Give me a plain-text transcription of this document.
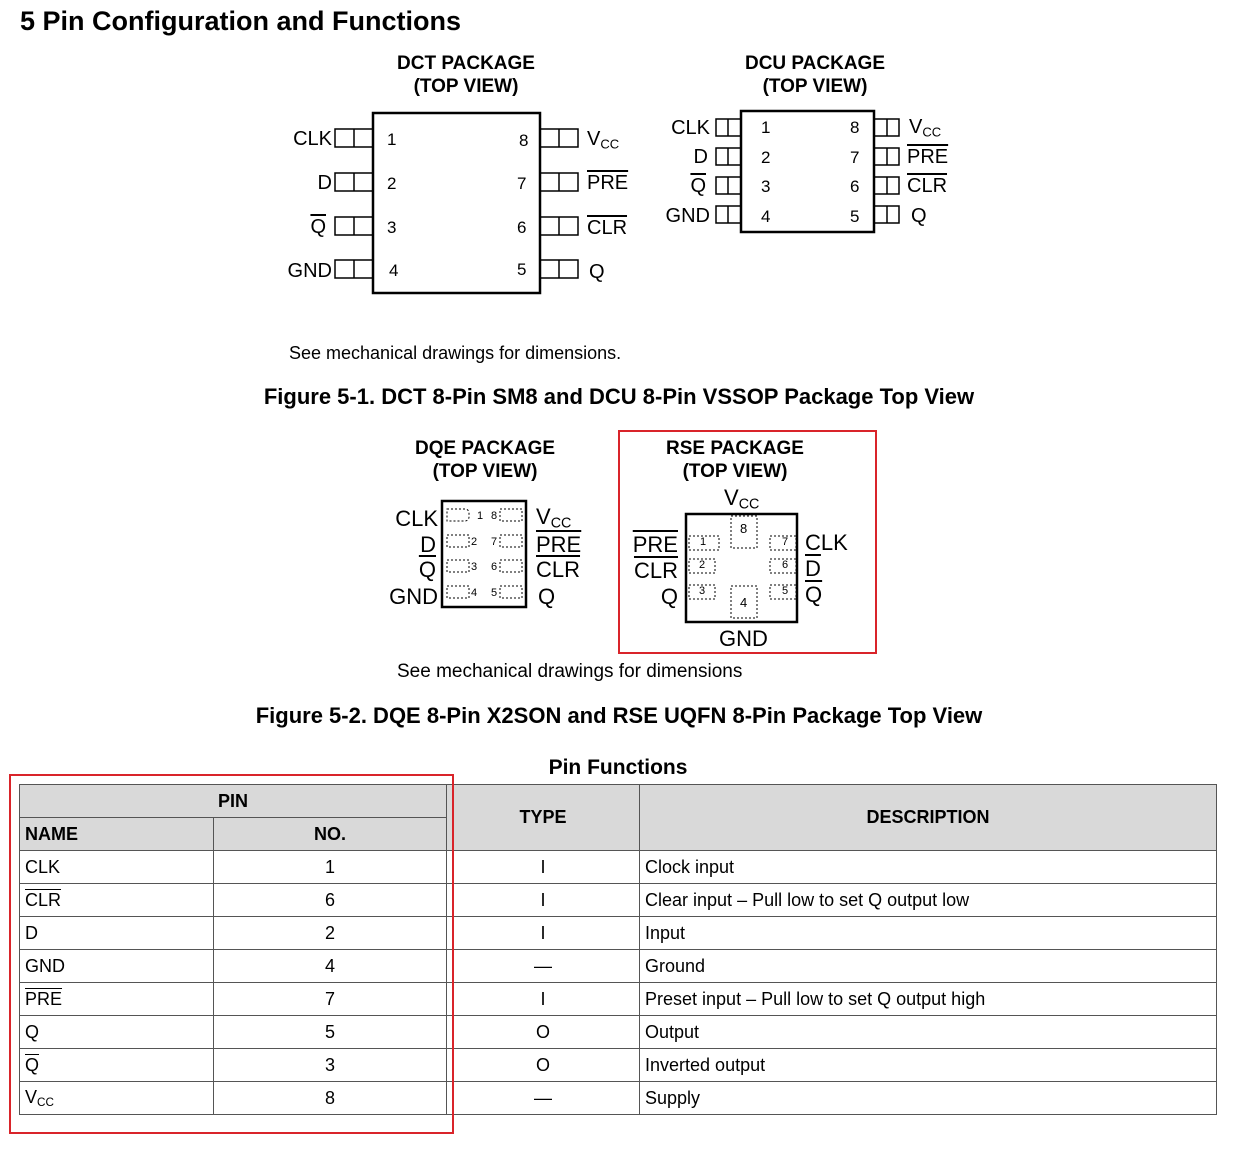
5 Pin Configuration and Functions
DCT PACKAGE
(TOP VIEW)
CLK
D
$\overline{Q}$
GND
1
2
3
4
8
7
6
5
$V_{CC}$
$\overline{PRE}$
$\overline{CLR}$
Q
DCU PACKAGE
(TOP VIEW)
CLK
D
$\overline{Q}$
GND
1
2
3
4
8
7
6
5
$V_{CC}$
$\overline{PRE}$
$\overline{CLR}$
Q
See mechanical drawings for dimensions.
Figure 5-1. DCT 8-Pin SM8 and DCU 8-Pin VSSOP Package Top View
DQE PACKAGE
(TOP VIEW)
CLK
D
$\overline{Q}$
GND
1
2
3
4
8
7
6
5
$V_{CC}$
$\overline{PRE}$
$\overline{CLR}$
Q
RSE PACKAGE
(TOP VIEW)
$V_{CC}$
8
4
GND
$\overline{PRE}$
$\overline{CLR}$
Q
1
2
3
7
6
5
CLK
$\overline{D}$
$\overline{Q}$
See mechanical drawings for dimensions
Figure 5-2. DQE 8-Pin X2SON and RSE UQFN 8-Pin Package Top View
Pin Functions
PIN		TYPE	DESCRIPTION
NAME	NO.		
CLK	1	I	Clock input
$\overline{CLR}$	6	I	Clear input – Pull low to set Q output low
D	2	I	Input
GND	4	—	Ground
$\overline{PRE}$	7	I	Preset input – Pull low to set Q output high
Q	5	O	Output
$\overline{Q}$	3	O	Inverted output
$V_{CC}$	8	—	Supply
